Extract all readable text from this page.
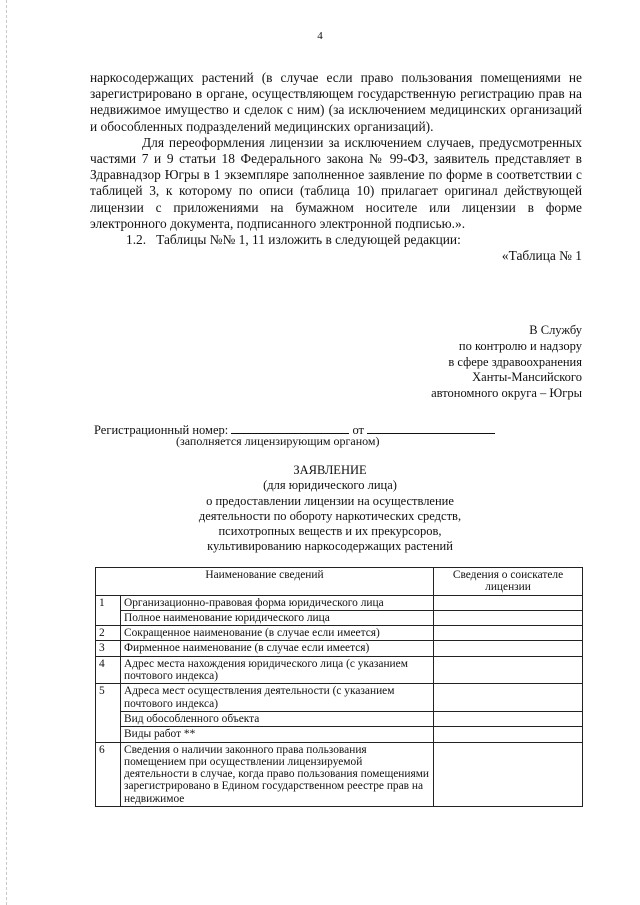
4

наркосодержащих растений (в случае если право пользования помещениями не зарегистрировано в органе, осуществляющем государственную регистрацию прав на недвижимое имущество и сделок с ним) (за исключением медицинских организаций и обособленных подразделений медицинских организаций).

Для переоформления лицензии за исключением случаев, предусмотренных частями 7 и 9 статьи 18 Федерального закона № 99-ФЗ, заявитель представляет в Здравнадзор Югры в 1 экземпляре заполненное заявление по форме в соответствии с таблицей 3, к которому по описи (таблица 10) прилагает оригинал действующей лицензии с приложениями на бумажном носителе или лицензии в форме электронного документа, подписанного электронной подписью.».

1.2.   Таблицы №№ 1, 11 изложить в следующей редакции:

«Таблица № 1

В Службу
по контролю и надзору
в сфере здравоохранения
Ханты-Мансийского
автономного округа – Югры
Регистрационный номер:	от
(заполняется лицензирующим органом)
ЗАЯВЛЕНИЕ
(для юридического лица)
о предоставлении лицензии на осуществление
деятельности по обороту наркотических средств,
психотропных веществ и их прекурсоров,
культивированию наркосодержащих растений
Наименование сведений		Сведения о соискателе лицензии
1	Организационно-правовая форма юридического лица	
	Полное наименование юридического лица	
2	Сокращенное наименование (в случае если имеется)	
3	Фирменное наименование (в случае если имеется)	
4	Адрес места нахождения юридического лица (с указанием почтового индекса)	
5	Адреса мест осуществления деятельности (с указанием почтового индекса)	
	Вид обособленного объекта	
	Виды работ **	
6	Сведения о наличии законного права пользования помещением при осуществлении лицензируемой деятельности в случае, когда право пользования помещениями зарегистрировано в Едином государственном реестре прав на недвижимое	
